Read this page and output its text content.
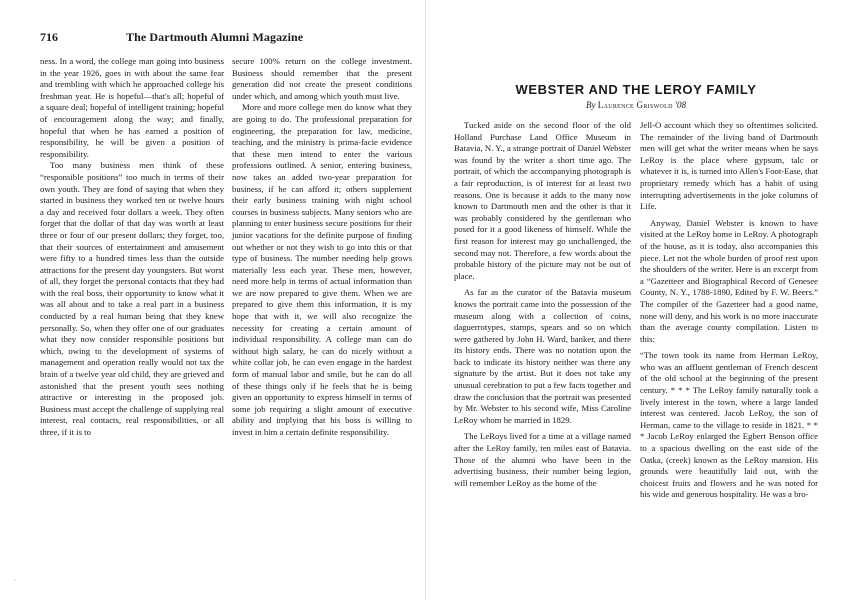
716	The Dartmouth Alumni Magazine

ness. In a word, the college man going into business in the year 1926, goes in with about the same fear and trembling with which he approached college his freshman year. He is hopeful—that's all; hopeful of a square deal; hopeful of intelligent training; hopeful of encouragement along the way; and finally, hopeful that when he has earned a position of responsibility, he will be given a position of responsibility.

Too many business men think of these “responsible positions” too much in terms of their own youth. They are fond of saying that when they started in business they worked ten or twelve hours a day and received four dollars a week. They often forget that the dollar of that day was worth at least three or four of our present dollars; they forget, too, that their sources of entertainment and amusement were fifty to a hundred times less than the outside attractions for the present day youngsters. But worst of all, they forget the personal contacts that they had with the real boss, their opportunity to know what it was all about and to take a real part in a business conducted by a real human being that they knew personally. So, when they offer one of our graduates what they now consider responsible positions but which, owing to the development of systems of management and operation really would not tax the brain of a twelve year old child, they are grieved and astonished that the present youth sees nothing attractive or interesting in the proposed job. Business must accept the challenge of supplying real interest, real contacts, real responsibilities, or all three, if it is to

secure 100% return on the college investment. Business should remember that the present generation did not create the present conditions under which, and among which youth must live.

More and more college men do know what they are going to do. The professional preparation for engineering, the preparation for law, medicine, teaching, and the ministry is prima-facie evidence that these men intend to enter the various professions outlined. A senior, entering business, now takes an added two-year preparation for business, if he can afford it; others supplement their early business training with night school courses in business subjects. Many seniors who are planning to enter business secure positions for their junior vacations for the definite purpose of finding out whether or not they wish to go into this or that type of business. The number needing help grows materially less each year. These men, however, need more help in terms of actual information than we are now prepared to give them. When we are prepared to give them this information, it is my hope that with it, we will also recognize the necessity for creating a certain amount of individual responsibility. A college man can do without high salary, he can do nicely without a white collar job, he can even engage in the hardest form of manual labor and smile, but he can do all of these things only if he feels that he is being given an opportunity to express himself in terms of some job requiring a slight amount of executive ability and implying that his boss is willing to invest in him a certain definite responsibility.

WEBSTER AND THE LEROY FAMILY
By Laurence Griswold '08

Tucked aside on the second floor of the old Holland Purchase Land Office Museum in Batavia, N. Y., a strange portrait of Daniel Webster was found by the writer a short time ago. The portrait, of which the accompanying photograph is a fair reproduction, is of interest for at least two reasons. One is because it adds to the many now known to Dartmouth men and the other is that it was probably considered by the gentleman who posed for it a good likeness of himself. While the first reason for interest may go unchallenged, the second may not. Therefore, a few words about the probable history of the picture may not be out of place.

As far as the curator of the Batavia museum knows the portrait came into the possession of the museum along with a collection of coins, daguerrotypes, stamps, spears and so on which were gathered by John H. Ward, banker, and there its history ends. There was no notation upon the back to indicate its history neither was there any signature by the artist. But it does not take any unusual cerebration to put a few facts together and draw the conclusion that the portrait was presented by Mr. Webster to his second wife, Miss Caroline LeRoy whom he married in 1829.

The LeRoys lived for a time at a village named after the LeRoy family, ten miles east of Batavia. Those of the alumni who have been in the advertising business, their number being legion, will remember LeRoy as the home of the

Jell-O account which they so oftentimes solicited. The remainder of the living band of Dartmouth men will get what the writer means when he says LeRoy is the place where gypsum, talc or whatever it is, is turned into Allen's Foot-Ease, that proprietary remedy which has a habit of using interrupting advertisements in the joke columns of Life.

Anyway, Daniel Webster is known to have visited at the LeRoy home in LeRoy. A photograph of the house, as it is today, also accompanies this piece. Let not the whole burden of proof rest upon the shoulders of the writer. Here is an excerpt from a “Gazetteer and Biographical Record of Genesee County, N. Y., 1788-1890, Edited by F. W. Beers.” The compiler of the Gazetteer had a good name, none will deny, and his work is no more inaccurate than the average county compilation. Listen to this:

“The town took its name from Herman LeRoy, who was an affluent gentleman of French descent of the old school at the beginning of the present century. * * * The LeRoy family naturally took a lively interest in the town, where a large landed interest was centered. Jacob LeRoy, the son of Herman, came to the village to reside in 1821. * * * Jacob LeRoy enlarged the Egbert Benson office to a spacious dwelling on the east side of the Oatka, (creek) known as the LeRoy mansion. His grounds were beautifully laid out, with the choicest fruits and flowers and he was noted for his wide and generous hospitality. He was a bro-

ˎ
